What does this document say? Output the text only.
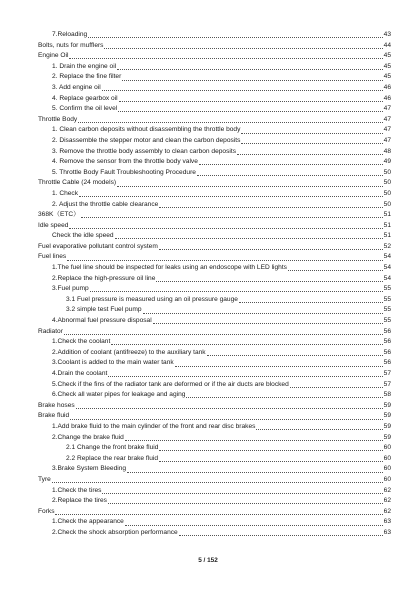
7.Reloading	43
Bolts, nuts for mufflers	44
Engine Oil	45
1. Drain the engine oil	45
2. Replace the fine filter	45
3. Add engine oil	46
4. Replace gearbox oil	46
5. Confirm the oil level	47
Throttle Body	47
1. Clean carbon deposits without disassembling the throttle body	47
2. Disassemble the stepper motor and clean the carbon deposits	47
3. Remove the throttle body assembly to clean carbon deposits	48
4. Remove the sensor from the throttle body valve	49
5. Throttle Body Fault Troubleshooting Procedure	50
Throttle Cable (24 models)	50
1. Check	50
2. Adjust the throttle cable clearance	50
368K（ETC）	51
Idle speed	51
Check the idle speed	51
Fuel evaporative pollutant control system	52
Fuel lines	54
1.The fuel line should be inspected for leaks using an endoscope with LED lights	54
2.Replace the high-pressure oil line	54
3.Fuel pump	55
3.1 Fuel pressure is measured using an oil pressure gauge	55
3.2 simple test Fuel pump	55
4.Abnormal fuel pressure disposal	55
Radiator	56
1.Check the coolant	56
2.Addition of coolant (antifreeze) to the auxiliary tank	56
3.Coolant is added to the main water tank	56
4.Drain the coolant	57
5.Check if the fins of the radiator tank are deformed or if the air ducts are blocked	57
6.Check all water pipes for leakage and aging	58
Brake hoses	59
Brake fluid	59
1.Add brake fluid to the main cylinder of the front and rear disc brakes	59
2.Change the brake fluid	59
2.1 Change the front brake fluid	60
2.2 Replace the rear brake fluid	60
3.Brake System Bleeding	60
Tyre	60
1.Check the tires	62
2.Replace the tires	62
Forks	62
1.Check the appearance	63
2.Check the shock absorption performance	63
5 / 152
